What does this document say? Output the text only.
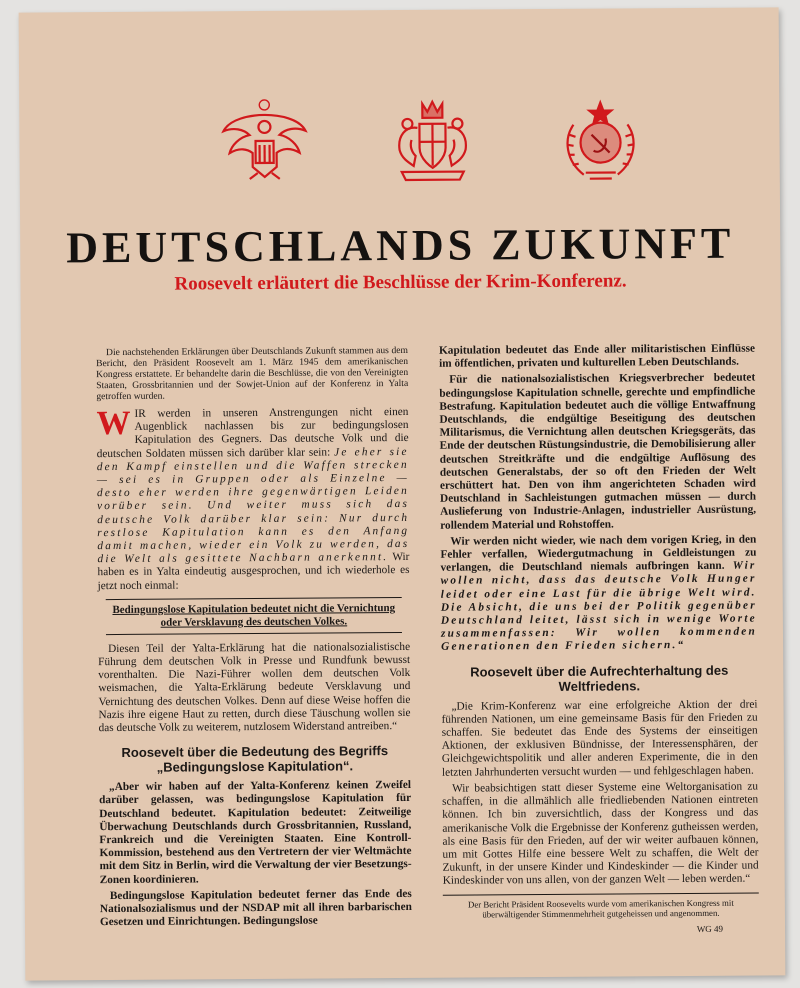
DEUTSCHLANDS ZUKUNFT
Roosevelt erläutert die Beschlüsse der Krim-Konferenz.

Die nachstehenden Erklärungen über Deutschlands Zukunft stammen aus dem Bericht, den Präsident Roosevelt am 1. März 1945 dem amerikanischen Kongress erstattete. Er behandelte darin die Beschlüsse, die von den Vereinigten Staaten, Grossbritannien und der Sowjet-Union auf der Konferenz in Yalta getroffen wurden.

WIR werden in unseren Anstrengungen nicht einen Augenblick nachlassen bis zur bedingungslosen Kapitulation des Gegners. Das deutsche Volk und die deutschen Soldaten müssen sich darüber klar sein: Je eher sie den Kampf einstellen und die Waffen strecken — sei es in Gruppen oder als Einzelne — desto eher werden ihre gegenwärtigen Leiden vorüber sein. Und weiter muss sich das deutsche Volk darüber klar sein: Nur durch restlose Kapitulation kann es den Anfang damit machen, wieder ein Volk zu werden, das die Welt als gesittete Nachbarn anerkennt. Wir haben es in Yalta eindeutig ausgesprochen, und ich wiederhole es jetzt noch einmal:

Bedingungslose Kapitulation bedeutet nicht die Vernichtung oder Versklavung des deutschen Volkes.

Diesen Teil der Yalta-Erklärung hat die nationalsozialistische Führung dem deutschen Volk in Presse und Rundfunk bewusst vorenthalten. Die Nazi-Führer wollen dem deutschen Volk weismachen, die Yalta-Erklärung bedeute Versklavung und Vernichtung des deutschen Volkes. Denn auf diese Weise hoffen die Nazis ihre eigene Haut zu retten, durch diese Täuschung wollen sie das deutsche Volk zu weiterem, nutzlosem Widerstand antreiben.“

Roosevelt über die Bedeutung des Begriffs „Bedingungslose Kapitulation“.

„Aber wir haben auf der Yalta-Konferenz keinen Zweifel darüber gelassen, was bedingungslose Kapitulation für Deutschland bedeutet. Kapitulation bedeutet: Zeitweilige Überwachung Deutschlands durch Grossbritannien, Russland, Frankreich und die Vereinigten Staaten. Eine Kontroll-Kommission, bestehend aus den Vertretern der vier Weltmächte mit dem Sitz in Berlin, wird die Verwaltung der vier Besetzungs-Zonen koordinieren.

Bedingungslose Kapitulation bedeutet ferner das Ende des Nationalsozialismus und der NSDAP mit all ihren barbarischen Gesetzen und Einrichtungen. Bedingungslose

Kapitulation bedeutet das Ende aller militaristischen Einflüsse im öffentlichen, privaten und kulturellen Leben Deutschlands.

Für die nationalsozialistischen Kriegsverbrecher bedeutet bedingungslose Kapitulation schnelle, gerechte und empfindliche Bestrafung. Kapitulation bedeutet auch die völlige Entwaffnung Deutschlands, die endgültige Beseitigung des deutschen Militarismus, die Vernichtung allen deutschen Kriegsgeräts, das Ende der deutschen Rüstungsindustrie, die Demobilisierung aller deutschen Streitkräfte und die endgültige Auflösung des deutschen Generalstabs, der so oft den Frieden der Welt erschüttert hat. Den von ihm angerichteten Schaden wird Deutschland in Sachleistungen gutmachen müssen — durch Auslieferung von Industrie-Anlagen, industrieller Ausrüstung, rollendem Material und Rohstoffen.

Wir werden nicht wieder, wie nach dem vorigen Krieg, in den Fehler verfallen, Wiedergutmachung in Geldleistungen zu verlangen, die Deutschland niemals aufbringen kann. Wir wollen nicht, dass das deutsche Volk Hunger leidet oder eine Last für die übrige Welt wird. Die Absicht, die uns bei der Politik gegenüber Deutschland leitet, lässt sich in wenige Worte zusammenfassen: Wir wollen kommenden Generationen den Frieden sichern.“

Roosevelt über die Aufrechterhaltung des Weltfriedens.

„Die Krim-Konferenz war eine erfolgreiche Aktion der drei führenden Nationen, um eine gemeinsame Basis für den Frieden zu schaffen. Sie bedeutet das Ende des Systems der einseitigen Aktionen, der exklusiven Bündnisse, der Interessensphären, der Gleichgewichtspolitik und aller anderen Experimente, die in den letzten Jahrhunderten versucht wurden — und fehlgeschlagen haben.

Wir beabsichtigen statt dieser Systeme eine Weltorganisation zu schaffen, in die allmählich alle friedliebenden Nationen eintreten können. Ich bin zuversichtlich, dass der Kongress und das amerikanische Volk die Ergebnisse der Konferenz gutheissen werden, als eine Basis für den Frieden, auf der wir weiter aufbauen können, um mit Gottes Hilfe eine bessere Welt zu schaffen, die Welt der Zukunft, in der unsere Kinder und Kindeskinder — die Kinder und Kindeskinder von uns allen, von der ganzen Welt — leben werden.“

Der Bericht Präsident Roosevelts wurde vom amerikanischen Kongress mit überwältigender Stimmenmehrheit gutgeheissen und angenommen.
WG 49
